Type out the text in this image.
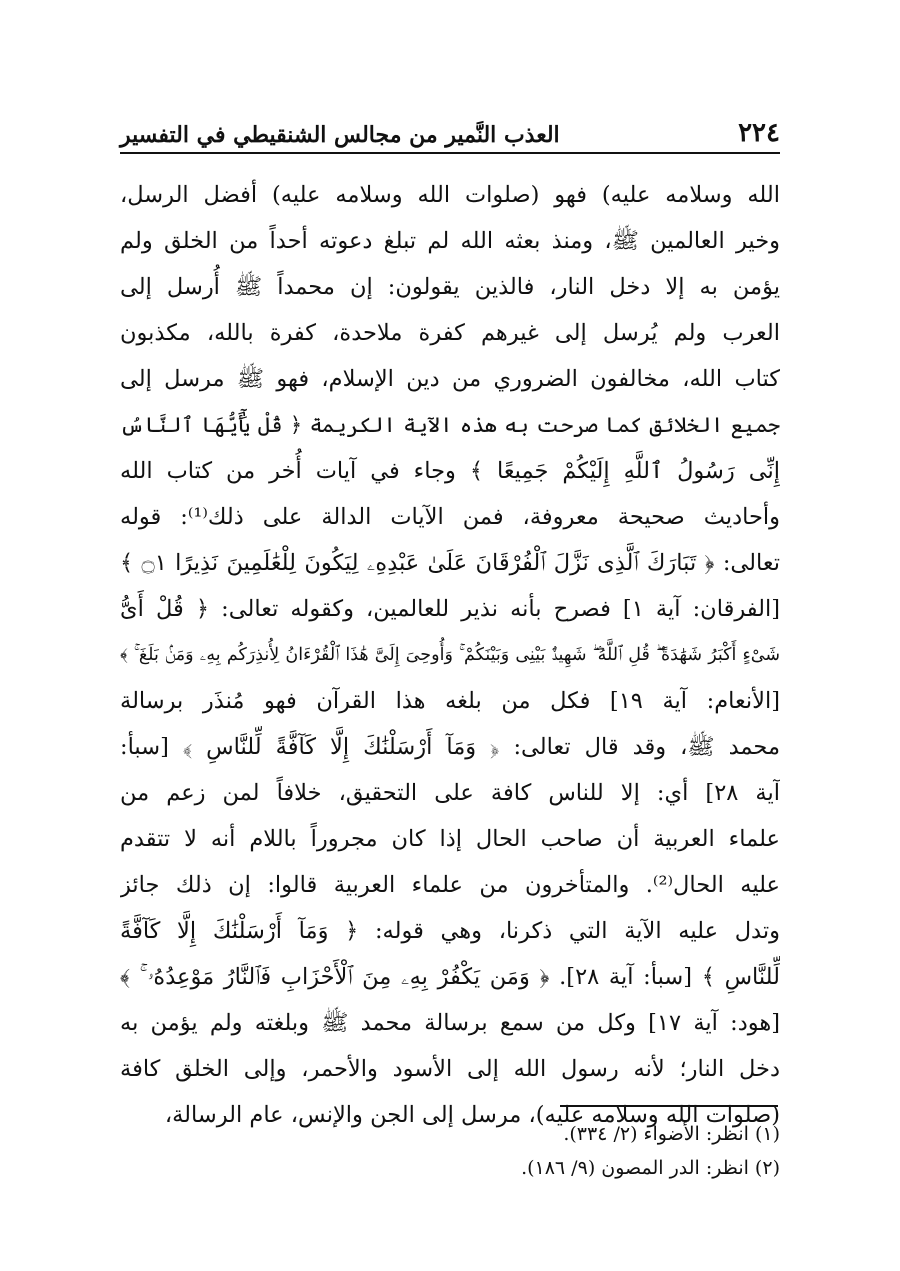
٢٢٤
العذب النَّمير من مجالس الشنقيطي في التفسير
الله وسلامه عليه) فهو (صلوات الله وسلامه عليه) أفضل الرسل،
وخير العالمين ﷺ، ومنذ بعثه الله لم تبلغ دعوته أحداً من الخلق ولم
يؤمن به إلا دخل النار، فالذين يقولون: إن محمداً ﷺ أُرسل إلى
العرب ولم يُرسل إلى غيرهم كفرة ملاحدة، كفرة بالله، مكذبون
كتاب الله، مخالفون الضروري من دين الإسلام، فهو ﷺ مرسل إلى
جميع الخلائق كما صرحت به هذه الآية الكريمة ﴿ قُلْ يَٰٓأَيُّهَا ٱلنَّاسُ
إِنِّى رَسُولُ ٱللَّهِ إِلَيْكُمْ جَمِيعًا ﴾ وجاء في آيات أُخر من كتاب الله
وأحاديث صحيحة معروفة، فمن الآيات الدالة على ذلك⁽¹⁾: قوله
تعالى: ﴿ تَبَارَكَ ٱلَّذِى نَزَّلَ ٱلْفُرْقَانَ عَلَىٰ عَبْدِهِۦ لِيَكُونَ لِلْعَٰلَمِينَ نَذِيرًا ۝١ ﴾
[الفرقان: آية ١] فصرح بأنه نذير للعالمين، وكقوله تعالى: ﴿ قُلْ أَىُّ
شَىْءٍ أَكْبَرُ شَهَٰدَةً ۖ قُلِ ٱللَّهُ ۖ شَهِيدٌۢ بَيْنِى وَبَيْنَكُمْ ۚ وَأُوحِىَ إِلَىَّ هَٰذَا ٱلْقُرْءَانُ لِأُنذِرَكُم بِهِۦ وَمَنۢ بَلَغَ ۚ ﴾
[الأنعام: آية ١٩] فكل من بلغه هذا القرآن فهو مُنذَر برسالة
محمد ﷺ، وقد قال تعالى: ﴿ وَمَآ أَرْسَلْنَٰكَ إِلَّا كَآفَّةً لِّلنَّاسِ ﴾ [سبأ:
آية ٢٨] أي: إلا للناس كافة على التحقيق، خلافاً لمن زعم من
علماء العربية أن صاحب الحال إذا كان مجروراً باللام أنه لا تتقدم
عليه الحال⁽²⁾. والمتأخرون من علماء العربية قالوا: إن ذلك جائز
وتدل عليه الآية التي ذكرنا، وهي قوله: ﴿ وَمَآ أَرْسَلْنَٰكَ إِلَّا كَآفَّةً
لِّلنَّاسِ ﴾ [سبأ: آية ٢٨]. ﴿ وَمَن يَكْفُرْ بِهِۦ مِنَ ٱلْأَحْزَابِ فَٱلنَّارُ مَوْعِدُهُۥ ۚ ﴾
[هود: آية ١٧] وكل من سمع برسالة محمد ﷺ وبلغته ولم يؤمن به
دخل النار؛ لأنه رسول الله إلى الأسود والأحمر، وإلى الخلق كافة
(صلوات الله وسلامه عليه)، مرسل إلى الجن والإنس، عام الرسالة،
(١) انظر: الأضواء (٢/ ٣٣٤).
(٢) انظر: الدر المصون (٩/ ١٨٦).
